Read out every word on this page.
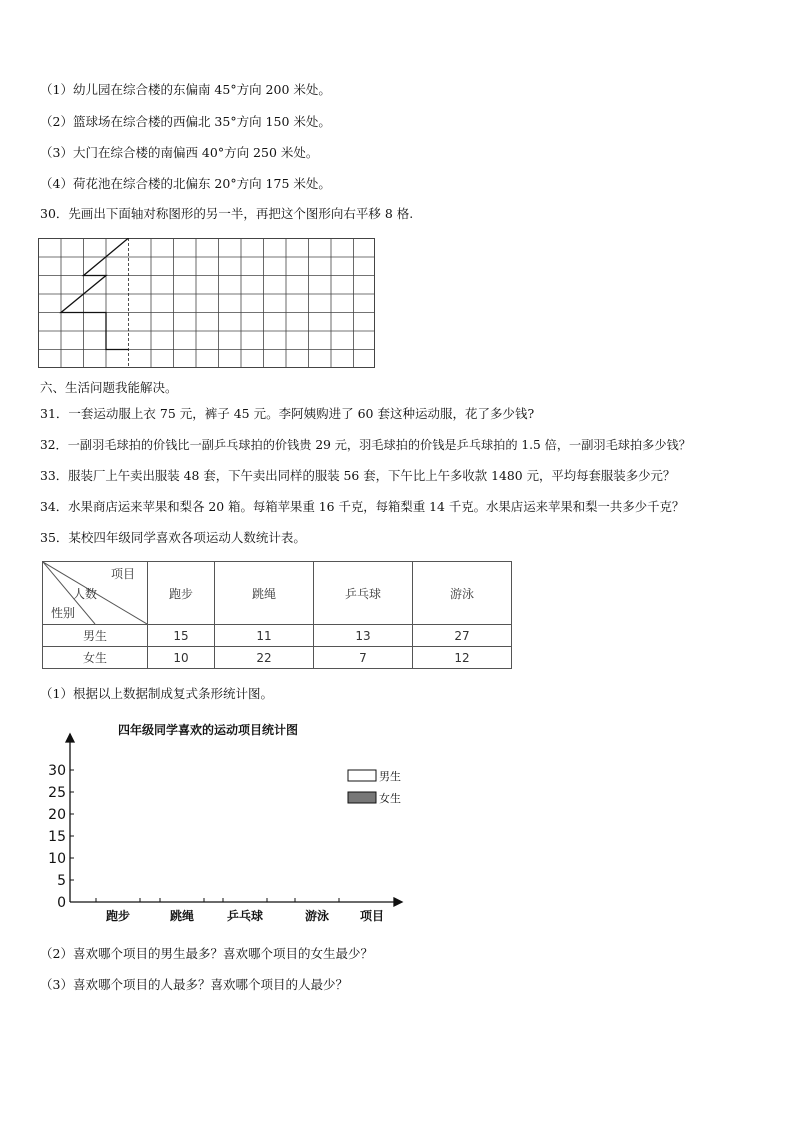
（1）幼儿园在综合楼的东偏南 45°方向 200 米处。
（2）篮球场在综合楼的西偏北 35°方向 150 米处。
（3）大门在综合楼的南偏西 40°方向 250 米处。
（4）荷花池在综合楼的北偏东 20°方向 175 米处。
30．先画出下面轴对称图形的另一半，再把这个图形向右平移 8 格.
六、生活问题我能解决。
31．一套运动服上衣 75 元，裤子 45 元。李阿姨购进了 60 套这种运动服，花了多少钱?
32．一副羽毛球拍的价钱比一副乒乓球拍的价钱贵 29 元，羽毛球拍的价钱是乒乓球拍的 1.5 倍，一副羽毛球拍多少钱？
33．服装厂上午卖出服装 48 套，下午卖出同样的服装 56 套，下午比上午多收款 1480 元，平均每套服装多少元？
34．水果商店运来苹果和梨各 20 箱。每箱苹果重 16 千克，每箱梨重 14 千克。水果店运来苹果和梨一共多少千克？
35．某校四年级同学喜欢各项运动人数统计表。
项目
人数
性别	跑步	跳绳	乒乓球	游泳
男生	15	11	13	27
女生	10	22	7	12
（1）根据以上数据制成复式条形统计图。
四年级同学喜欢的运动项目统计图
0
5
10
15
20
25
30
跑步	跳绳	乒乓球	游泳	项目
男生
女生
（2）喜欢哪个项目的男生最多？喜欢哪个项目的女生最少？
（3）喜欢哪个项目的人最多？喜欢哪个项目的人最少？
